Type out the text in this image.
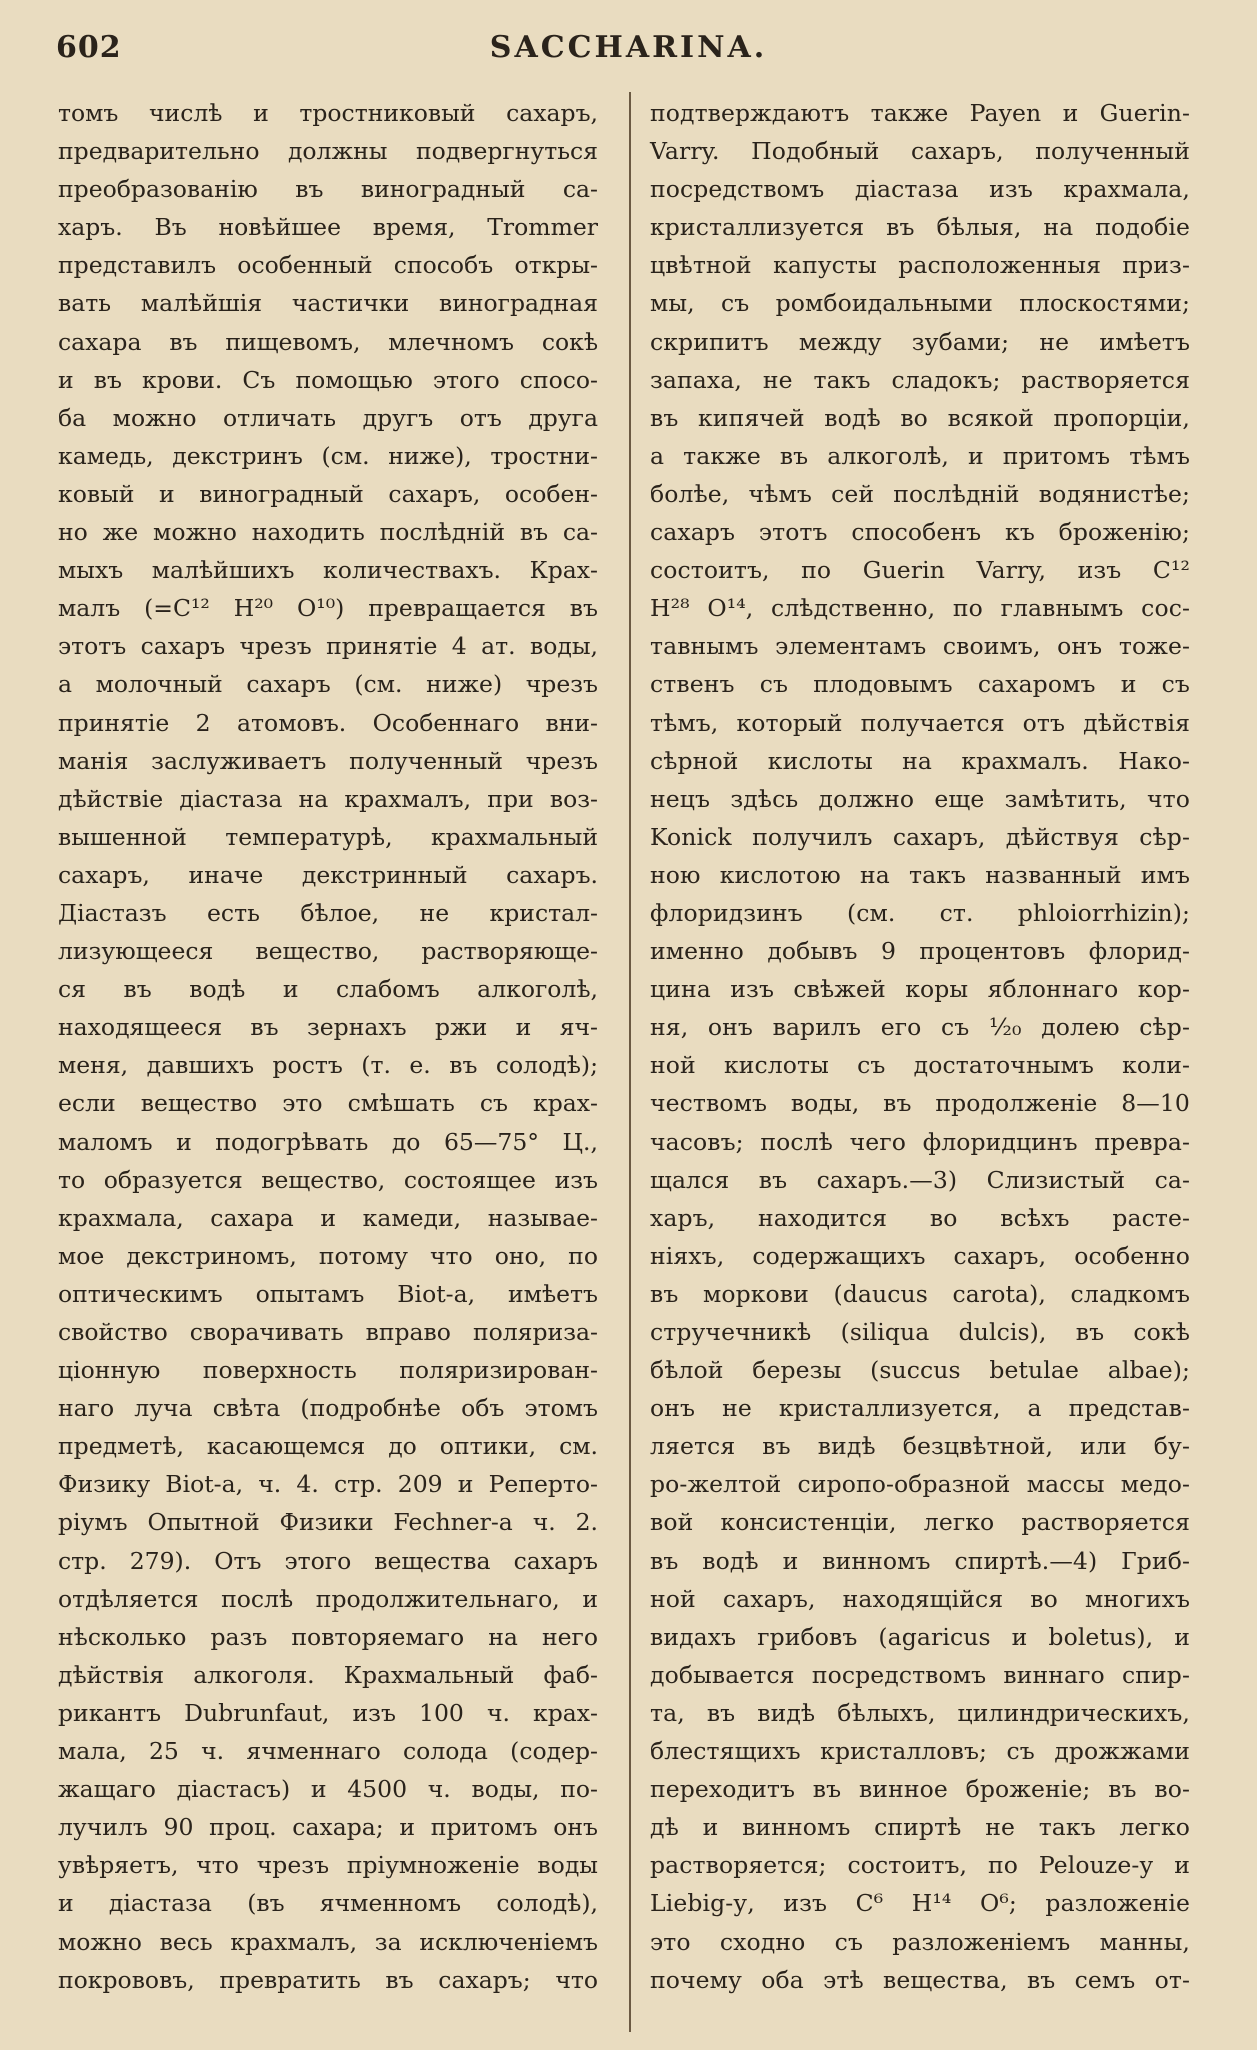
602	SACCHARINA.
томъ числѣ и тростниковый сахаръ,
предварительно должны подвергнуться
преобразованію въ виноградный са-
харъ. Въ новѣйшее время, Trommer
представилъ особенный способъ откры-
вать малѣйшія частички виноградная
сахара въ пищевомъ, млечномъ сокѣ
и въ крови. Съ помощью этого спосо-
ба можно отличать другъ отъ друга
камедь, декстринъ (см. ниже), тростни-
ковый и виноградный сахаръ, особен-
но же можно находить послѣдній въ са-
мыхъ малѣйшихъ количествахъ. Крах-
малъ (=C¹² H²⁰ O¹⁰) превращается въ
этотъ сахаръ чрезъ принятіе 4 ат. воды,
а молочный сахаръ (см. ниже) чрезъ
принятіе 2 атомовъ. Особеннаго вни-
манія заслуживаетъ полученный чрезъ
дѣйствіе діастаза на крахмалъ, при воз-
вышенной температурѣ, крахмальный
сахаръ, иначе декстринный сахаръ.
Діастазъ есть бѣлое, не кристал-
лизующееся вещество, растворяюще-
ся въ водѣ и слабомъ алкоголѣ,
находящееся въ зернахъ ржи и яч-
меня, давшихъ ростъ (т. е. въ солодѣ);
если вещество это смѣшать съ крах-
маломъ и подогрѣвать до 65—75° Ц.,
то образуется вещество, состоящее изъ
крахмала, сахара и камеди, называе-
мое декстриномъ, потому что оно, по
оптическимъ опытамъ Biot-а, имѣетъ
свойство сворачивать вправо поляриза-
ціонную поверхность поляризирован-
наго луча свѣта (подробнѣе объ этомъ
предметѣ, касающемся до оптики, см.
Физику Biot-а, ч. 4. стр. 209 и Реперто-
ріумъ Опытной Физики Fechner-а ч. 2.
стр. 279). Отъ этого вещества сахаръ
отдѣляется послѣ продолжительнаго, и
нѣсколько разъ повторяемаго на него
дѣйствія алкоголя. Крахмальный фаб-
рикантъ Dubrunfaut, изъ 100 ч. крах-
мала, 25 ч. ячменнаго солода (содер-
жащаго діастасъ) и 4500 ч. воды, по-
лучилъ 90 проц. сахара; и притомъ онъ
увѣряетъ, что чрезъ пріумноженіе воды
и діастаза (въ ячменномъ солодѣ),
можно весь крахмалъ, за исключеніемъ
покрововъ, превратить въ сахаръ; что
подтверждаютъ также Payen и Guerin-
Varry. Подобный сахаръ, полученный
посредствомъ діастаза изъ крахмала,
кристаллизуется въ бѣлыя, на подобіе
цвѣтной капусты расположенныя приз-
мы, съ ромбоидальными плоскостями;
скрипитъ между зубами; не имѣетъ
запаха, не такъ сладокъ; растворяется
въ кипячей водѣ во всякой пропорціи,
а также въ алкоголѣ, и притомъ тѣмъ
болѣе, чѣмъ сей послѣдній водянистѣе;
сахаръ этотъ способенъ къ броженію;
состоитъ, по Guerin Varry, изъ C¹²
H²⁸ O¹⁴, слѣдственно, по главнымъ сос-
тавнымъ элементамъ своимъ, онъ тоже-
ственъ съ плодовымъ сахаромъ и съ
тѣмъ, который получается отъ дѣйствія
сѣрной кислоты на крахмалъ. Нако-
нецъ здѣсь должно еще замѣтить, что
Konick получилъ сахаръ, дѣйствуя сѣр-
ною кислотою на такъ названный имъ
флоридзинъ (см. ст. phloiorrhizin);
именно добывъ 9 процентовъ флорид-
цина изъ свѣжей коры яблоннаго кор-
ня, онъ варилъ его съ ¹⁄₂₀ долею сѣр-
ной кислоты съ достаточнымъ коли-
чествомъ воды, въ продолженіе 8—10
часовъ; послѣ чего флоридцинъ превра-
щался въ сахаръ.—3) Слизистый са-
харъ, находится во всѣхъ расте-
ніяхъ, содержащихъ сахаръ, особенно
въ моркови (daucus carota), сладкомъ
стручечникѣ (siliqua dulcis), въ сокѣ
бѣлой березы (succus betulae albae);
онъ не кристаллизуется, а представ-
ляется въ видѣ безцвѣтной, или бу-
ро-желтой сиропо-образной массы медо-
вой консистенціи, легко растворяется
въ водѣ и винномъ спиртѣ.—4) Гриб-
ной сахаръ, находящійся во многихъ
видахъ грибовъ (agaricus и boletus), и
добывается посредствомъ виннаго спир-
та, въ видѣ бѣлыхъ, цилиндрическихъ,
блестящихъ кристалловъ; съ дрожжами
переходитъ въ винное броженіе; въ во-
дѣ и винномъ спиртѣ не такъ легко
растворяется; состоитъ, по Pelouze-у и
Liebig-у, изъ C⁶ H¹⁴ O⁶; разложеніе
это сходно съ разложеніемъ манны,
почему оба этѣ вещества, въ семъ от-
